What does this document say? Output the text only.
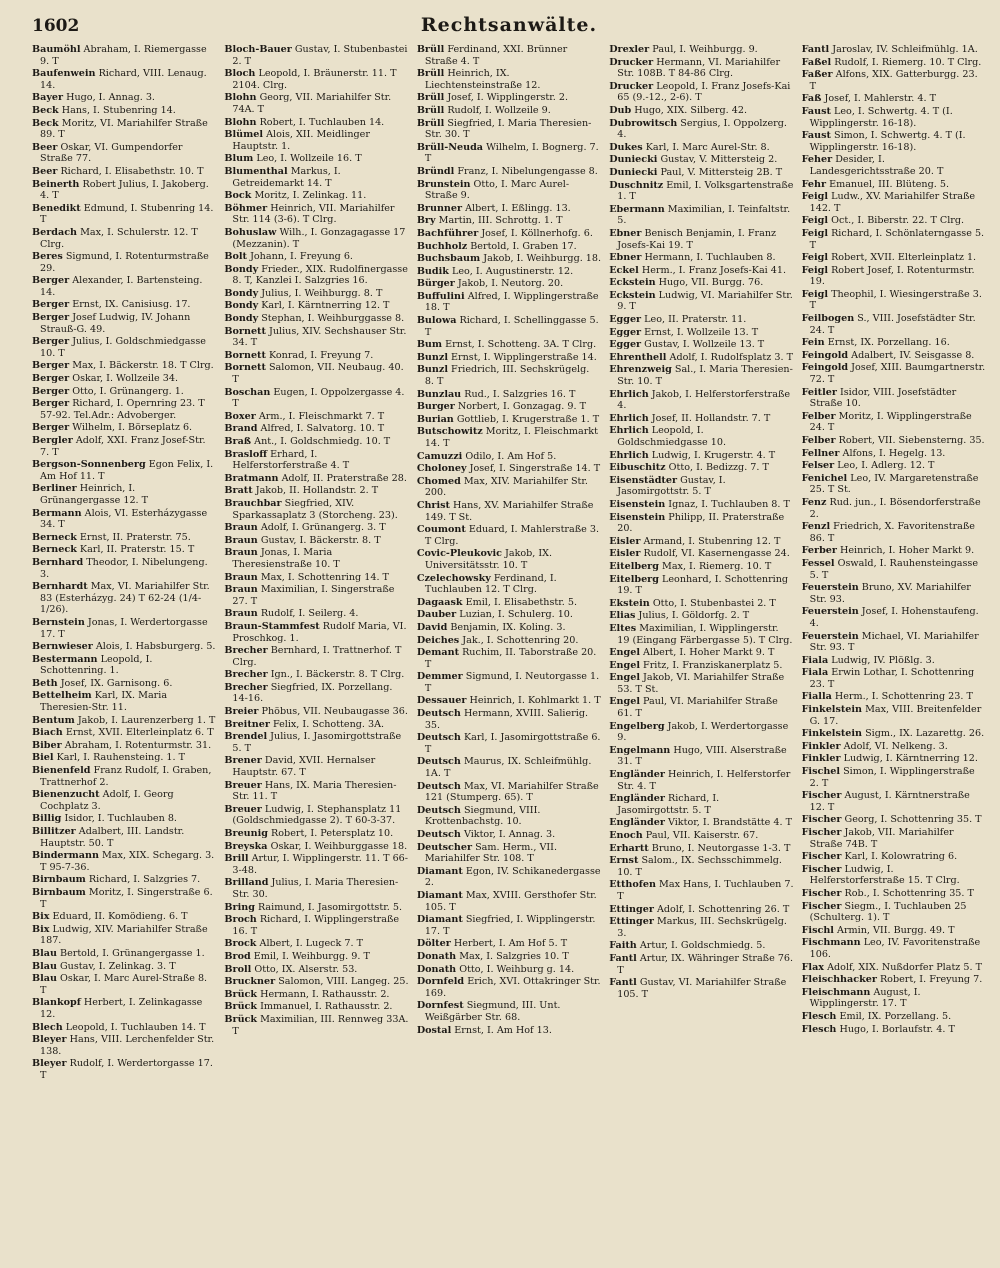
1602	Rechtsanwälte.
Baumöhl Abraham, I. Riemergasse 9. T
Baufenwein Richard, VIII. Lenaug. 14.
Bayer Hugo, I. Annag. 3.
Beck Hans, I. Stubenring 14.
Beck Moritz, VI. Mariahilfer Straße 89. T
Beer Oskar, VI. Gumpendorfer Straße 77.
Beer Richard, I. Elisabethstr. 10. T
Beinerth Robert Julius, I. Jakoberg. 4. T
Benedikt Edmund, I. Stubenring 14. T
Berdach Max, I. Schulerstr. 12. T Clrg.
Beres Sigmund, I. Rotenturmstraße 29.
Berger Alexander, I. Bartensteing. 14.
Berger Ernst, IX. Canisiusg. 17.
Berger Josef Ludwig, IV. Johann Strauß-G. 49.
Berger Julius, I. Goldschmiedgasse 10. T
Berger Max, I. Bäckerstr. 18. T Clrg.
Berger Oskar, I. Wollzeile 34.
Berger Otto, I. Grünangerg. 1.
Berger Richard, I. Opernring 23. T 57-92. Tel.Adr.: Advoberger.
Berger Wilhelm, I. Börseplatz 6.
Bergler Adolf, XXI. Franz Josef-Str. 7. T
Bergson-Sonnenberg Egon Felix, I. Am Hof 11. T
Berliner Heinrich, I. Grünangergasse 12. T
Bermann Alois, VI. Esterházygasse 34. T
Berneck Ernst, II. Praterstr. 75.
Berneck Karl, II. Praterstr. 15. T
Bernhard Theodor, I. Nibelungeng. 3.
Bernhardt Max, VI. Mariahilfer Str. 83 (Esterházyg. 24) T 62-24 (1/4-1/26).
Bernstein Jonas, I. Werdertorgasse 17. T
Bernwieser Alois, I. Habsburgerg. 5.
Bestermann Leopold, I. Schottenring. 1.
Beth Josef, IX. Garnisong. 6.
Bettelheim Karl, IX. Maria Theresien-Str. 11.
Bentum Jakob, I. Laurenzerberg 1. T
Biach Ernst, XVII. Elterleinplatz 6. T
Biber Abraham, I. Rotenturmstr. 31.
Biel Karl, I. Rauhensteing. 1. T
Bienenfeld Franz Rudolf, I. Graben, Trattnerhof 2.
Bienenzucht Adolf, I. Georg Cochplatz 3.
Billig Isidor, I. Tuchlauben 8.
Billitzer Adalbert, III. Landstr. Hauptstr. 50. T
Bindermann Max, XIX. Schegarg. 3. T 95-7-36.
Birnbaum Richard, I. Salzgries 7.
Birnbaum Moritz, I. Singerstraße 6. T
Bix Eduard, II. Komödieng. 6. T
Bix Ludwig, XIV. Mariahilfer Straße 187.
Blau Bertold, I. Grünangergasse 1.
Blau Gustav, I. Zelinkag. 3. T
Blau Oskar, I. Marc Aurel-Straße 8. T
Blankopf Herbert, I. Zelinkagasse 12.
Blech Leopold, I. Tuchlauben 14. T
Bleyer Hans, VIII. Lerchenfelder Str. 138.
Bleyer Rudolf, I. Werdertorgasse 17. T
Bloch-Bauer Gustav, I. Stubenbastei 2. T
Bloch Leopold, I. Bräunerstr. 11. T 2104. Clrg.
Blohn Georg, VII. Mariahilfer Str. 74A. T
Blohn Robert, I. Tuchlauben 14.
Blümel Alois, XII. Meidlinger Hauptstr. 1.
Blum Leo, I. Wollzeile 16. T
Blumenthal Markus, I. Getreidemarkt 14. T
Bock Moritz, I. Zelinkag. 11.
Böhmer Heinrich, VII. Mariahilfer Str. 114 (3-6). T Clrg.
Bohuslaw Wilh., I. Gonzagagasse 17 (Mezzanin). T
Bolt Johann, I. Freyung 6.
Bondy Frieder., XIX. Rudolfinergasse 8. T, Kanzlei I. Salzgries 16.
Bondy Julius, I. Weihburgg. 8. T
Bondy Karl, I. Kärntnerring 12. T
Bondy Stephan, I. Weihburggasse 8.
Bornett Julius, XIV. Sechshauser Str. 34. T
Bornett Konrad, I. Freyung 7.
Bornett Salomon, VII. Neubaug. 40. T
Boschan Eugen, I. Oppolzergasse 4. T
Boxer Arm., I. Fleischmarkt 7. T
Brand Alfred, I. Salvatorg. 10. T
Braß Ant., I. Goldschmiedg. 10. T
Brasloff Erhard, I. Helferstorferstraße 4. T
Bratmann Adolf, II. Praterstraße 28.
Bratt Jakob, II. Hollandstr. 2. T
Brauchbar Siegfried, XIV. Sparkassaplatz 3 (Storcheng. 23).
Braun Adolf, I. Grünangerg. 3. T
Braun Gustav, I. Bäckerstr. 8. T
Braun Jonas, I. Maria Theresienstraße 10. T
Braun Max, I. Schottenring 14. T
Braun Maximilian, I. Singerstraße 27. T
Braun Rudolf, I. Seilerg. 4.
Braun-Stammfest Rudolf Maria, VI. Proschkog. 1.
Brecher Bernhard, I. Trattnerhof. T Clrg.
Brecher Ign., I. Bäckerstr. 8. T Clrg.
Brecher Siegfried, IX. Porzellang. 14-16.
Breier Phöbus, VII. Neubaugasse 36.
Breitner Felix, I. Schotteng. 3A.
Brendel Julius, I. Jasomirgottstraße 5. T
Brener David, XVII. Hernalser Hauptstr. 67. T
Breuer Hans, IX. Maria Theresien-Str. 11. T
Breuer Ludwig, I. Stephansplatz 11 (Goldschmiedgasse 2). T 60-3-37.
Breunig Robert, I. Petersplatz 10.
Breyska Oskar, I. Weihburggasse 18.
Brill Artur, I. Wipplingerstr. 11. T 66-3-48.
Brilland Julius, I. Maria Theresien-Str. 30.
Bring Raimund, I. Jasomirgottstr. 5.
Broch Richard, I. Wipplingerstraße 16. T
Brock Albert, I. Lugeck 7. T
Brod Emil, I. Weihburgg. 9. T
Broll Otto, IX. Alserstr. 53.
Bruckner Salomon, VIII. Langeg. 25.
Brück Hermann, I. Rathausstr. 2.
Brück Immanuel, I. Rathausstr. 2.
Brück Maximilian, III. Rennweg 33A. T
Brüll Ferdinand, XXI. Brünner Straße 4. T
Brüll Heinrich, IX. Liechtensteinstraße 12.
Brüll Josef, I. Wipplingerstr. 2.
Brüll Rudolf, I. Wollzeile 9.
Brüll Siegfried, I. Maria Theresien-Str. 30. T
Brüll-Neuda Wilhelm, I. Bognerg. 7. T
Bründl Franz, I. Nibelungengasse 8.
Brunstein Otto, I. Marc Aurel-Straße 9.
Brunner Albert, I. Eßlingg. 13.
Bry Martin, III. Schrottg. 1. T
Bachführer Josef, I. Köllnerhofg. 6.
Buchholz Bertold, I. Graben 17.
Buchsbaum Jakob, I. Weihburgg. 18.
Budik Leo, I. Augustinerstr. 12.
Bürger Jakob, I. Neutorg. 20.
Buffulini Alfred, I. Wipplingerstraße 18. T
Bulowa Richard, I. Schellinggasse 5. T
Bum Ernst, I. Schotteng. 3A. T Clrg.
Bunzl Ernst, I. Wipplingerstraße 14.
Bunzl Friedrich, III. Sechskrügelg. 8. T
Bunzlau Rud., I. Salzgries 16. T
Burger Norbert, I. Gonzagag. 9. T
Burian Gottlieb, I. Krugerstraße 1. T
Butschowitz Moritz, I. Fleischmarkt 14. T
Camuzzi Odilo, I. Am Hof 5.
Choloney Josef, I. Singerstraße 14. T
Chomed Max, XIV. Mariahilfer Str. 200.
Christ Hans, XV. Mariahilfer Straße 149. T St.
Coumont Eduard, I. Mahlerstraße 3. T Clrg.
Covic-Pleukovic Jakob, IX. Universitätsstr. 10. T
Czelechowsky Ferdinand, I. Tuchlauben 12. T Clrg.
Dagaask Emil, I. Elisabethstr. 5.
Dauber Luzian, I. Schulerg. 10.
David Benjamin, IX. Koling. 3.
Deiches Jak., I. Schottenring 20.
Demant Ruchim, II. Taborstraße 20. T
Demmer Sigmund, I. Neutorgasse 1. T
Dessauer Heinrich, I. Kohlmarkt 1. T
Deutsch Hermann, XVIII. Salierig. 35.
Deutsch Karl, I. Jasomirgottstraße 6. T
Deutsch Maurus, IX. Schleifmühlg. 1A. T
Deutsch Max, VI. Mariahilfer Straße 121 (Stumperg. 65). T
Deutsch Siegmund, VIII. Krottenbachstg. 10.
Deutsch Viktor, I. Annag. 3.
Deutscher Sam. Herm., VII. Mariahilfer Str. 108. T
Diamant Egon, IV. Schikanedergasse 2.
Diamant Max, XVIII. Gersthofer Str. 105. T
Diamant Siegfried, I. Wipplingerstr. 17. T
Dölter Herbert, I. Am Hof 5. T
Donath Max, I. Salzgries 10. T
Donath Otto, I. Weihburg g. 14.
Dornfeld Erich, XVI. Ottakringer Str. 169.
Dornfest Siegmund, III. Unt. Weißgärber Str. 68.
Dostal Ernst, I. Am Hof 13.
Drexler Paul, I. Weihburgg. 9.
Drucker Hermann, VI. Mariahilfer Str. 108B. T 84-86 Clrg.
Drucker Leopold, I. Franz Josefs-Kai 65 (9.-12., 2-6). T
Dub Hugo, XIX. Silberg. 42.
Dubrowitsch Sergius, I. Oppolzerg. 4.
Dukes Karl, I. Marc Aurel-Str. 8.
Duniecki Gustav, V. Mittersteig 2.
Duniecki Paul, V. Mittersteig 2B. T
Duschnitz Emil, I. Volksgartenstraße 1. T
Ebermann Maximilian, I. Teinfaltstr. 5.
Ebner Benisch Benjamin, I. Franz Josefs-Kai 19. T
Ebner Hermann, I. Tuchlauben 8.
Eckel Herm., I. Franz Josefs-Kai 41.
Eckstein Hugo, VII. Burgg. 76.
Eckstein Ludwig, VI. Mariahilfer Str. 9. T
Egger Leo, II. Praterstr. 11.
Egger Ernst, I. Wollzeile 13. T
Egger Gustav, I. Wollzeile 13. T
Ehrenthell Adolf, I. Rudolfsplatz 3. T
Ehrenzweig Sal., I. Maria Theresien-Str. 10. T
Ehrlich Jakob, I. Helferstorferstraße 4.
Ehrlich Josef, II. Hollandstr. 7. T
Ehrlich Leopold, I. Goldschmiedgasse 10.
Ehrlich Ludwig, I. Krugerstr. 4. T
Eibuschitz Otto, I. Bedizzg. 7. T
Eisenstädter Gustav, I. Jasomirgottstr. 5. T
Eisenstein Ignaz, I. Tuchlauben 8. T
Eisenstein Philipp, II. Praterstraße 20.
Eisler Armand, I. Stubenring 12. T
Eisler Rudolf, VI. Kasernengasse 24.
Eitelberg Max, I. Riemerg. 10. T
Eitelberg Leonhard, I. Schottenring 19. T
Ekstein Otto, I. Stubenbastei 2. T
Elias Julius, I. Göldorfg. 2. T
Eltes Maximilian, I. Wipplingerstr. 19 (Eingang Färbergasse 5). T Clrg.
Engel Albert, I. Hoher Markt 9. T
Engel Fritz, I. Franziskanerplatz 5.
Engel Jakob, VI. Mariahilfer Straße 53. T St.
Engel Paul, VI. Mariahilfer Straße 61. T
Engelberg Jakob, I. Werdertorgasse 9.
Engelmann Hugo, VIII. Alserstraße 31. T
Engländer Heinrich, I. Helferstorfer Str. 4. T
Engländer Richard, I. Jasomirgottstr. 5. T
Engländer Viktor, I. Brandstätte 4. T
Enoch Paul, VII. Kaiserstr. 67.
Erhartt Bruno, I. Neutorgasse 1-3. T
Ernst Salom., IX. Sechsschimmelg. 10. T
Etthofen Max Hans, I. Tuchlauben 7. T
Ettinger Adolf, I. Schottenring 26. T
Ettinger Markus, III. Sechskrügelg. 3.
Faith Artur, I. Goldschmiedg. 5.
Fantl Artur, IX. Währinger Straße 76. T
Fantl Gustav, VI. Mariahilfer Straße 105. T
Fantl Jaroslav, IV. Schleifmühlg. 1A.
Faßel Rudolf, I. Riemerg. 10. T Clrg.
Faßer Alfons, XIX. Gatterburgg. 23. T
Faß Josef, I. Mahlerstr. 4. T
Faust Leo, I. Schwertg. 4. T (I. Wipplingerstr. 16-18).
Faust Simon, I. Schwertg. 4. T (I. Wipplingerstr. 16-18).
Feher Desider, I. Landesgerichtsstraße 20. T
Fehr Emanuel, III. Blüteng. 5.
Feigl Ludw., XV. Mariahilfer Straße 142. T
Feigl Oct., I. Biberstr. 22. T Clrg.
Feigl Richard, I. Schönlaterngasse 5. T
Feigl Robert, XVII. Elterleinplatz 1.
Feigl Robert Josef, I. Rotenturmstr. 19.
Feigl Theophil, I. Wiesingerstraße 3. T
Feilbogen S., VIII. Josefstädter Str. 24. T
Fein Ernst, IX. Porzellang. 16.
Feingold Adalbert, IV. Seisgasse 8.
Feingold Josef, XIII. Baumgartnerstr. 72. T
Feitler Isidor, VIII. Josefstädter Straße 10.
Felber Moritz, I. Wipplingerstraße 24. T
Felber Robert, VII. Siebensterng. 35.
Fellner Alfons, I. Hegelg. 13.
Felser Leo, I. Adlerg. 12. T
Fenichel Leo, IV. Margaretenstraße 25. T St.
Fenz Rud. jun., I. Bösendorferstraße 2.
Fenzl Friedrich, X. Favoritenstraße 86. T
Ferber Heinrich, I. Hoher Markt 9.
Fessel Oswald, I. Rauhensteingasse 5. T
Feuerstein Bruno, XV. Mariahilfer Str. 93.
Feuerstein Josef, I. Hohenstaufeng. 4.
Feuerstein Michael, VI. Mariahilfer Str. 93. T
Fiala Ludwig, IV. Plößlg. 3.
Fiala Erwin Lothar, I. Schottenring 23. T
Fialla Herm., I. Schottenring 23. T
Finkelstein Max, VIII. Breitenfelder G. 17.
Finkelstein Sigm., IX. Lazarettg. 26.
Finkler Adolf, VI. Nelkeng. 3.
Finkler Ludwig, I. Kärntnerring 12.
Fischel Simon, I. Wipplingerstraße 2. T
Fischer August, I. Kärntnerstraße 12. T
Fischer Georg, I. Schottenring 35. T
Fischer Jakob, VII. Mariahilfer Straße 74B. T
Fischer Karl, I. Kolowratring 6.
Fischer Ludwig, I. Helferstorferstraße 15. T Clrg.
Fischer Rob., I. Schottenring 35. T
Fischer Siegm., I. Tuchlauben 25 (Schulterg. 1). T
Fischl Armin, VII. Burgg. 49. T
Fischmann Leo, IV. Favoritenstraße 106.
Flax Adolf, XIX. Nußdorfer Platz 5. T
Fleischhacker Robert, I. Freyung 7.
Fleischmann August, I. Wipplingerstr. 17. T
Flesch Emil, IX. Porzellang. 5.
Flesch Hugo, I. Borlaufstr. 4. T
